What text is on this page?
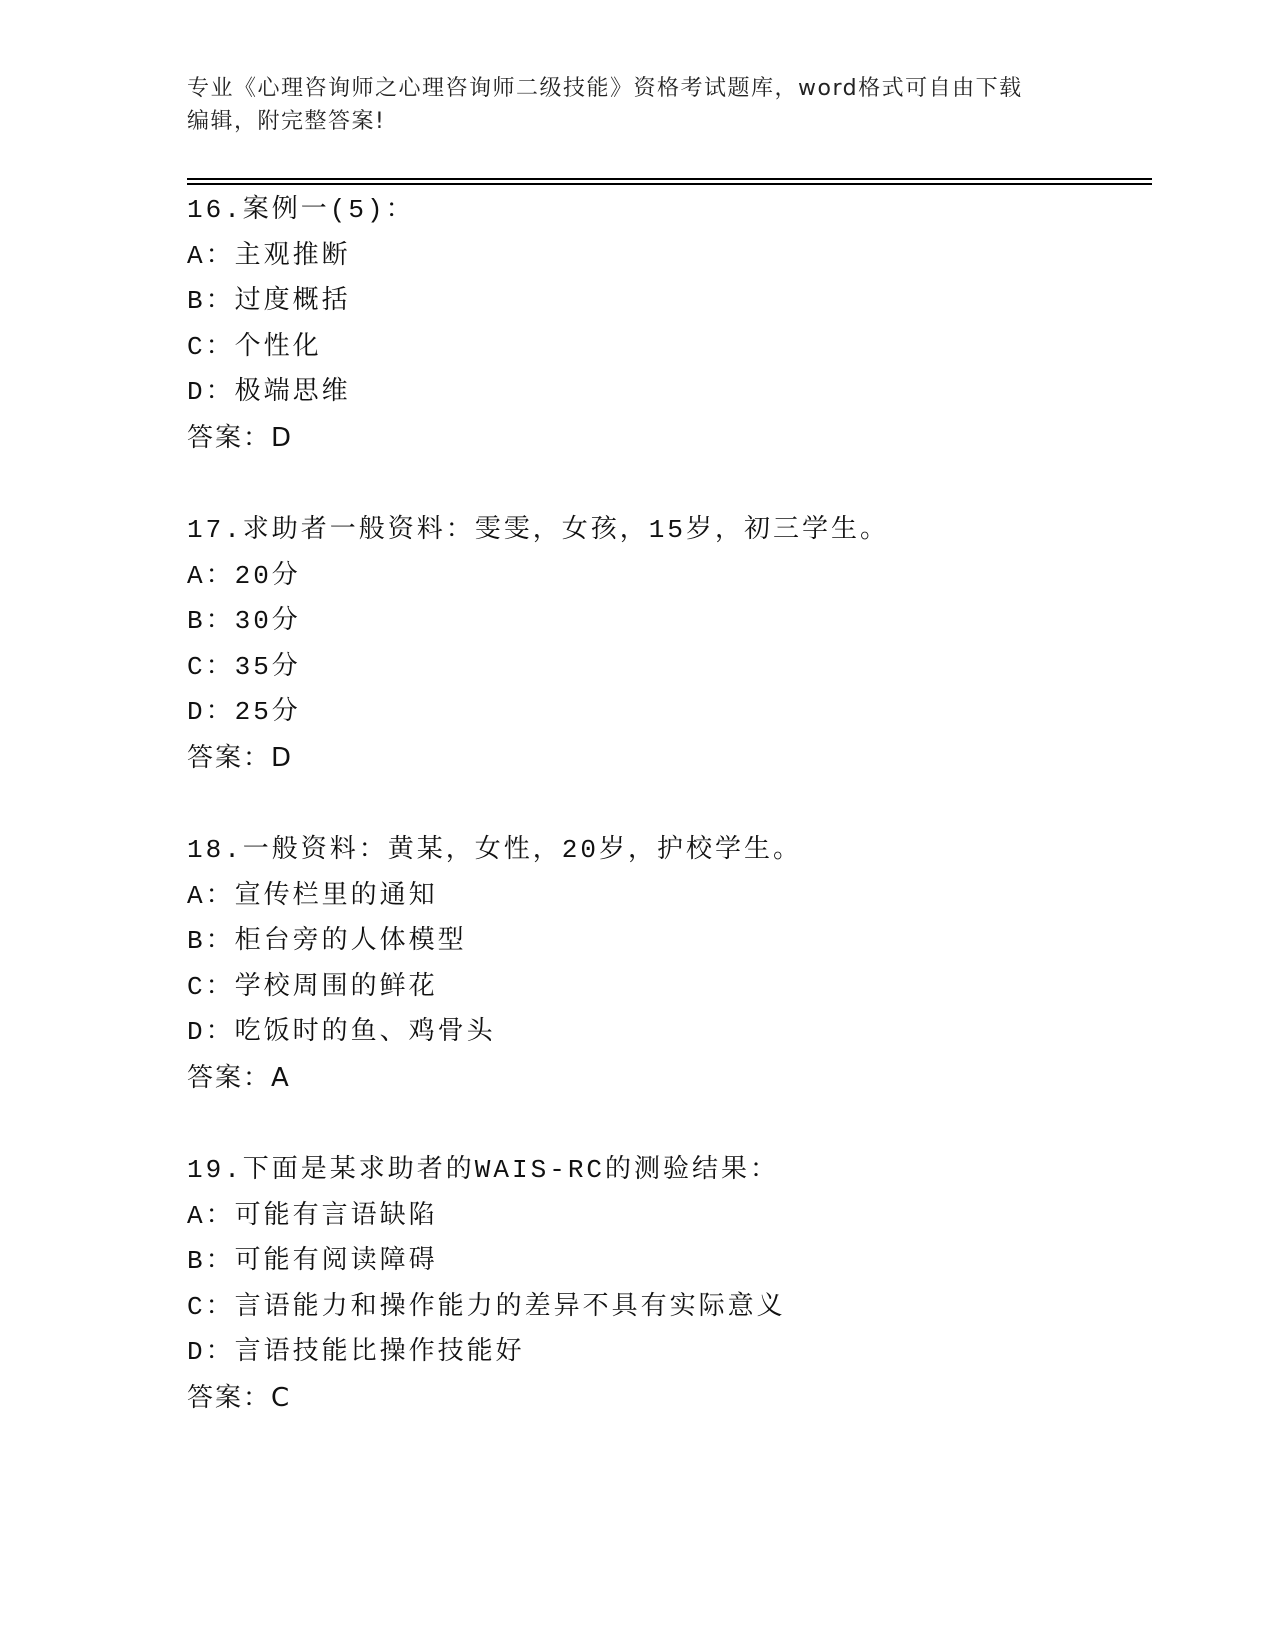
专业《心理咨询师之心理咨询师二级技能》资格考试题库，word格式可自由下载
编辑，附完整答案!
16.案例一(5)：
A：主观推断
B：过度概括
C：个性化
D：极端思维
答案：D
17.求助者一般资料：雯雯，女孩，15岁，初三学生。
A：20分
B：30分
C：35分
D：25分
答案：D
18.一般资料：黄某，女性，20岁，护校学生。
A：宣传栏里的通知
B：柜台旁的人体模型
C：学校周围的鲜花
D：吃饭时的鱼、鸡骨头
答案：A
19.下面是某求助者的WAIS-RC的测验结果：
A：可能有言语缺陷
B：可能有阅读障碍
C：言语能力和操作能力的差异不具有实际意义
D：言语技能比操作技能好
答案：C
